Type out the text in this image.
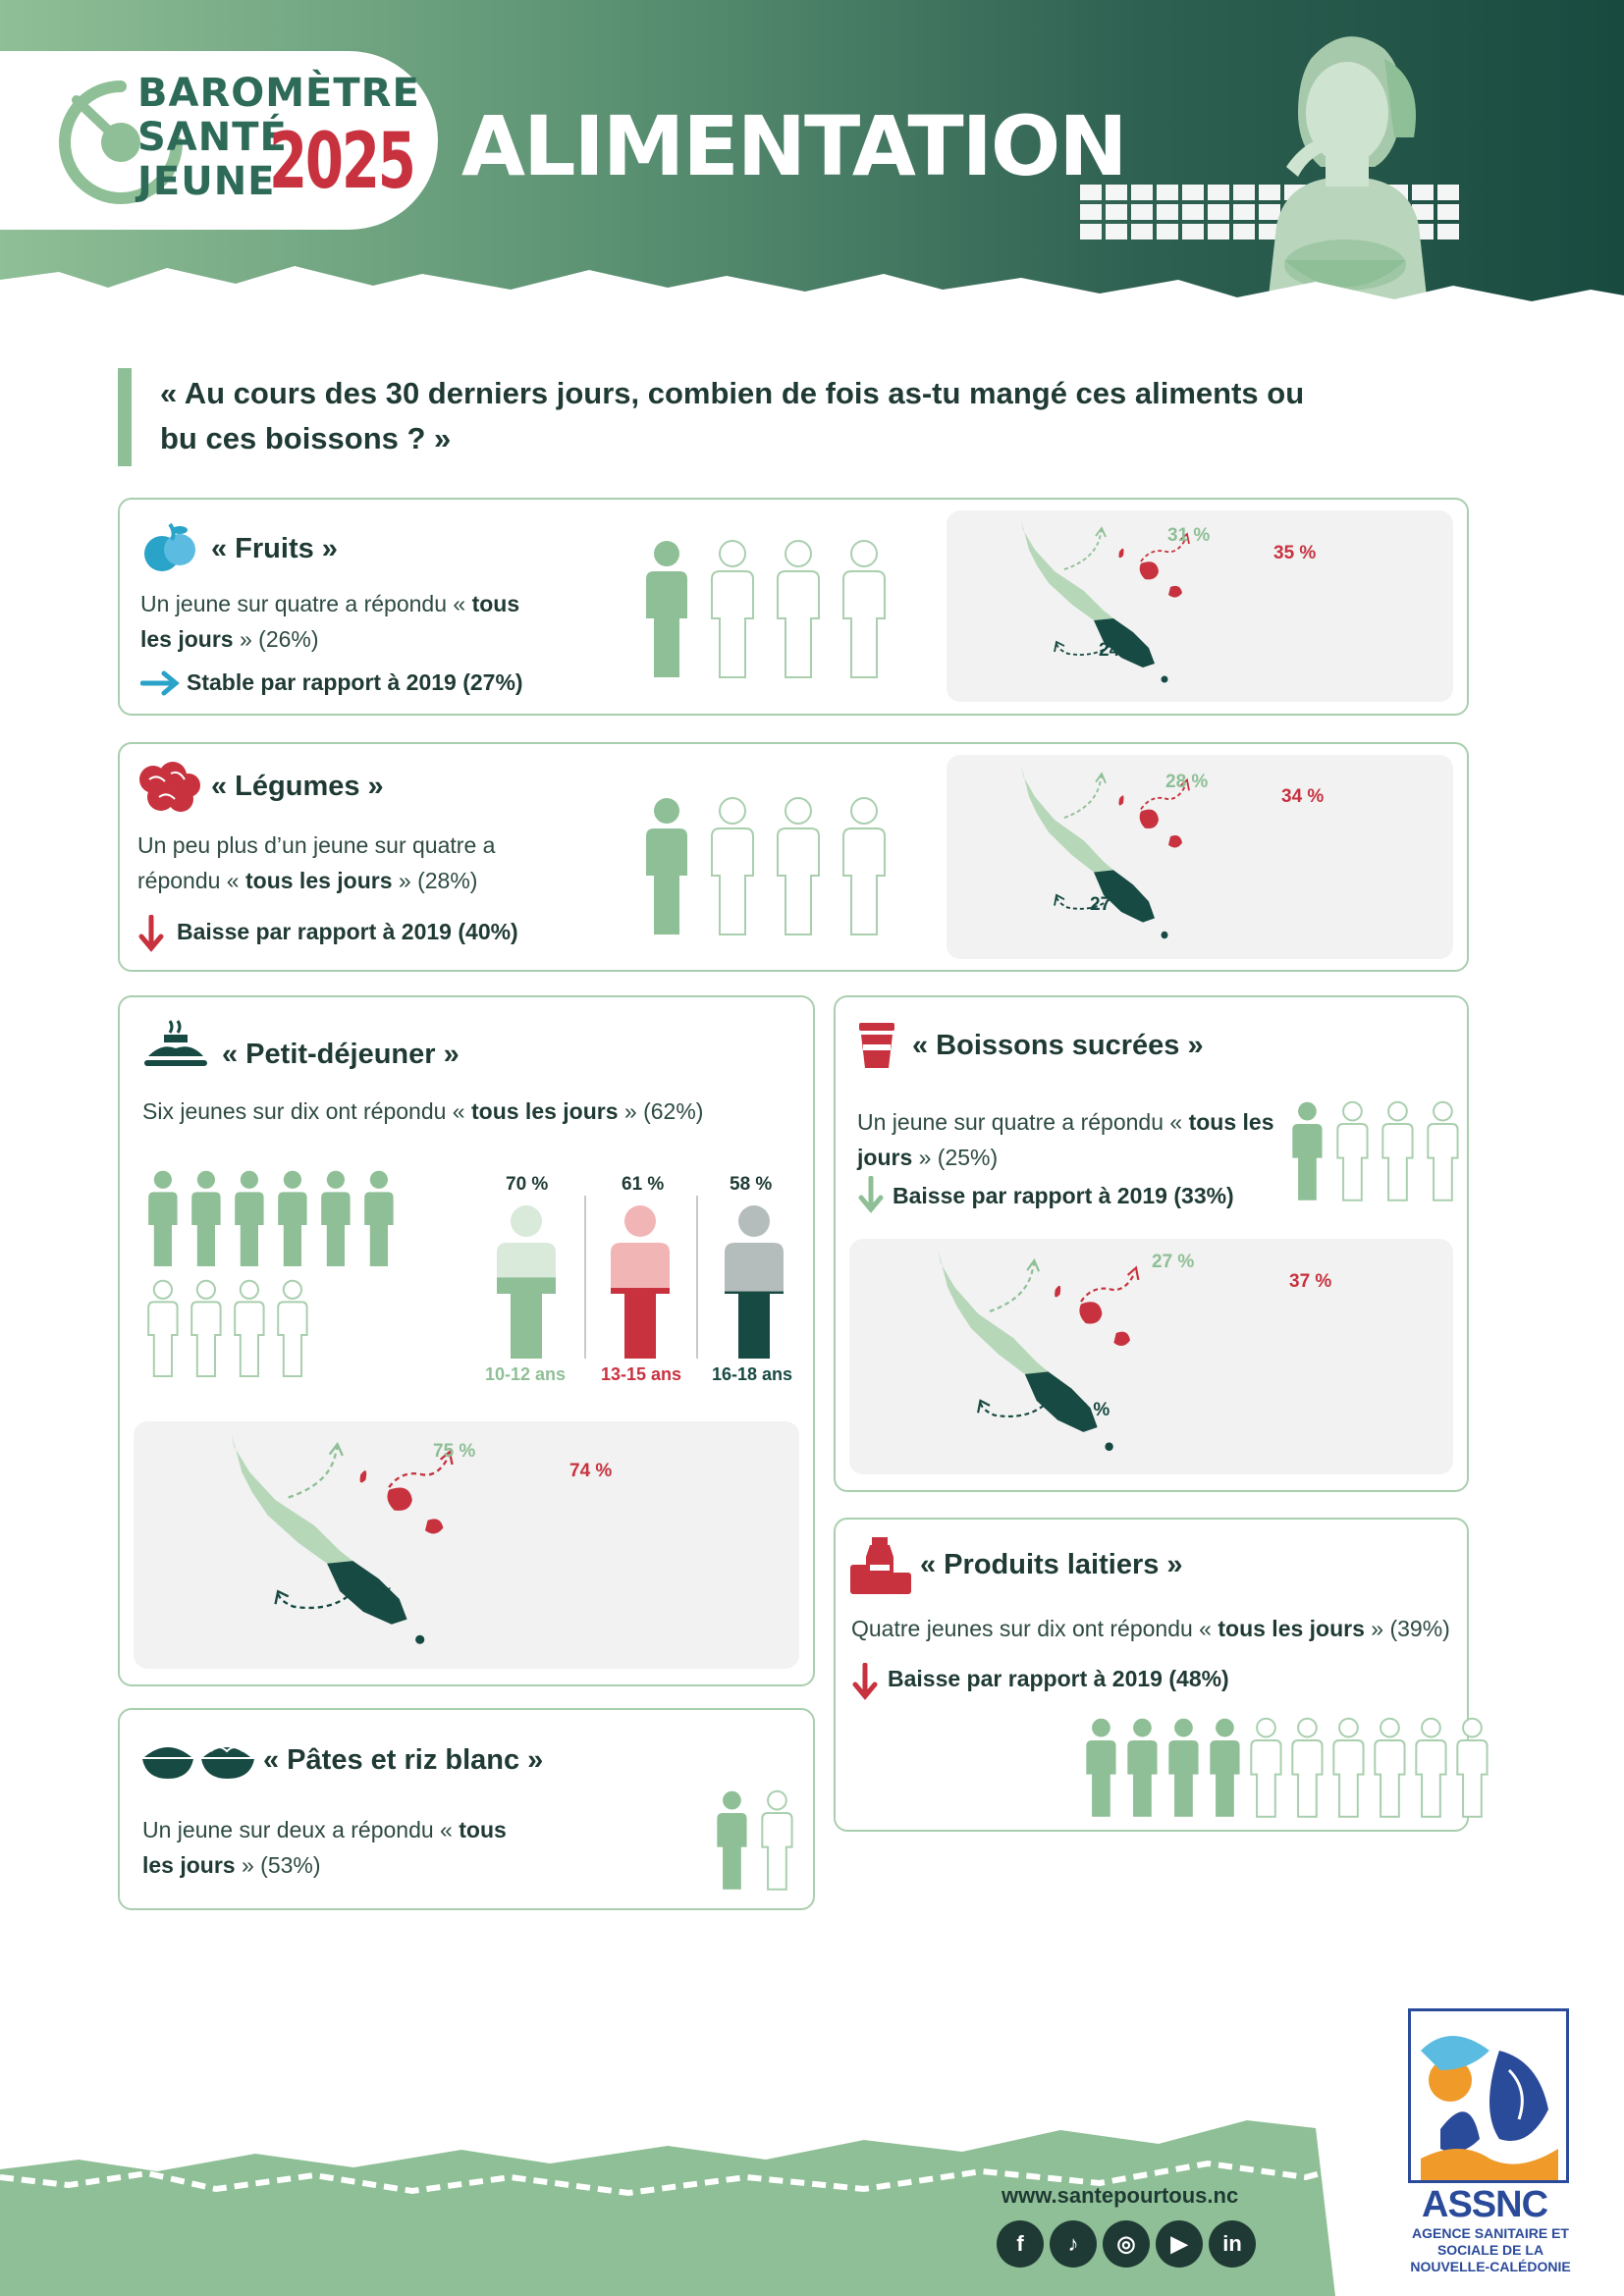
BAROMÈTRE
SANTÉ
JEUNE
2025 ALIMENTATION
« Au cours des 30 derniers jours, combien de fois as-tu mangé ces aliments ou bu ces boissons ? »
« Fruits »
Un jeune sur quatre a répondu « tous les jours » (26%)
Stable par rapport à 2019 (27%)
31 %
35 %
24 %
« Légumes »
Un peu plus d’un jeune sur quatre a répondu « tous les jours » (28%)
Baisse par rapport à 2019 (40%)
28 %
34 %
27 %
« Petit-déjeuner »
Six jeunes sur dix ont répondu « tous les jours » (62%)
70 %	61 %	58 %
10-12 ans 13-15 ans 16-18 ans
75 %
74 %
58 %
« Pâtes et riz blanc »
Un jeune sur deux a répondu « tous les jours » (53%)
« Boissons sucrées »
Un jeune sur quatre a répondu « tous les jours » (25%)
Baisse par rapport à 2019 (33%)
27 %
37 %
23 %
« Produits laitiers »
Quatre jeunes sur dix ont répondu « tous les jours » (39%)
Baisse par rapport à 2019 (48%)
www.santepourtous.nc
f	♪	◎	▶	in
ASSNC
AGENCE SANITAIRE ET SOCIALE DE LA NOUVELLE-CALÉDONIE
